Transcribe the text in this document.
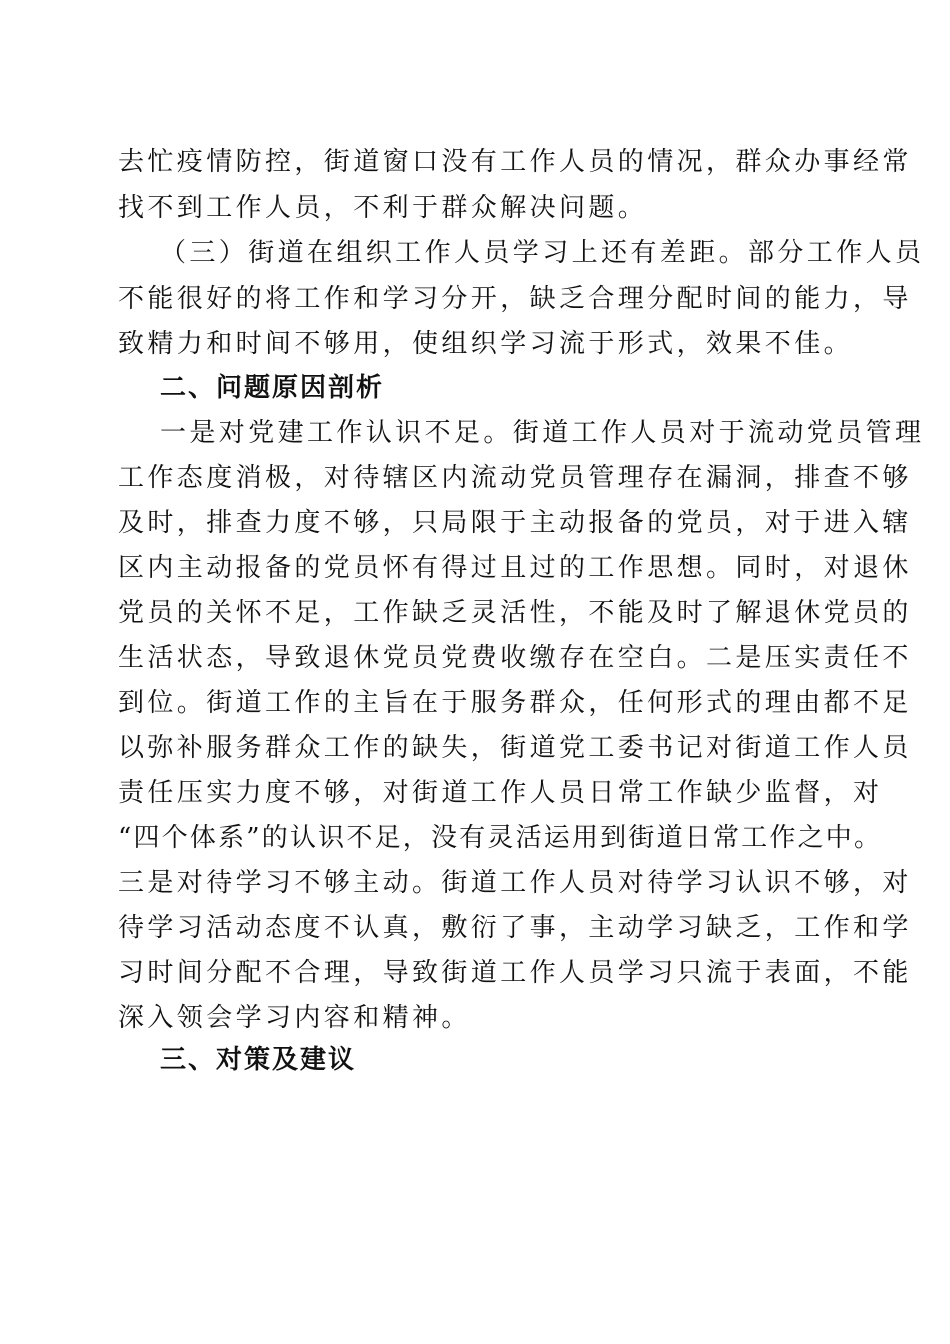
去忙疫情防控，街道窗口没有工作人员的情况，群众办事经常
找不到工作人员，不利于群众解决问题。
（三）街道在组织工作人员学习上还有差距。部分工作人员
不能很好的将工作和学习分开，缺乏合理分配时间的能力，导
致精力和时间不够用，使组织学习流于形式，效果不佳。
二、问题原因剖析
一是对党建工作认识不足。街道工作人员对于流动党员管理
工作态度消极，对待辖区内流动党员管理存在漏洞，排查不够
及时，排查力度不够，只局限于主动报备的党员，对于进入辖
区内主动报备的党员怀有得过且过的工作思想。同时，对退休
党员的关怀不足，工作缺乏灵活性，不能及时了解退休党员的
生活状态，导致退休党员党费收缴存在空白。二是压实责任不
到位。街道工作的主旨在于服务群众，任何形式的理由都不足
以弥补服务群众工作的缺失，街道党工委书记对街道工作人员
责任压实力度不够，对街道工作人员日常工作缺少监督，对
“四个体系”的认识不足，没有灵活运用到街道日常工作之中。
三是对待学习不够主动。街道工作人员对待学习认识不够，对
待学习活动态度不认真，敷衍了事，主动学习缺乏，工作和学
习时间分配不合理，导致街道工作人员学习只流于表面，不能
深入领会学习内容和精神。
三、对策及建议
